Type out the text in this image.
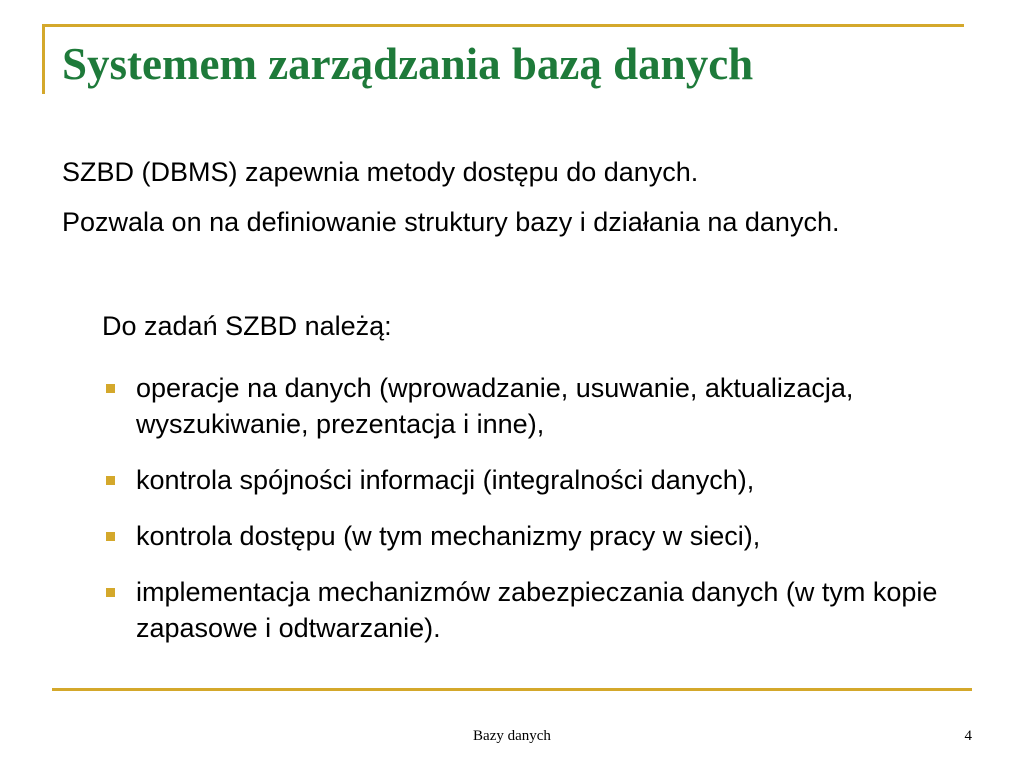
Systemem zarządzania bazą danych

SZBD (DBMS) zapewnia metody dostępu do danych.

Pozwala on na definiowanie struktury bazy i działania na danych.

Do zadań SZBD należą:

operacje na danych (wprowadzanie, usuwanie, aktualizacja, wyszukiwanie, prezentacja i inne),
kontrola spójności informacji (integralności danych),
kontrola dostępu (w tym mechanizmy pracy w sieci),
implementacja mechanizmów zabezpieczania danych (w tym kopie zapasowe i odtwarzanie).
Bazy danych	4
